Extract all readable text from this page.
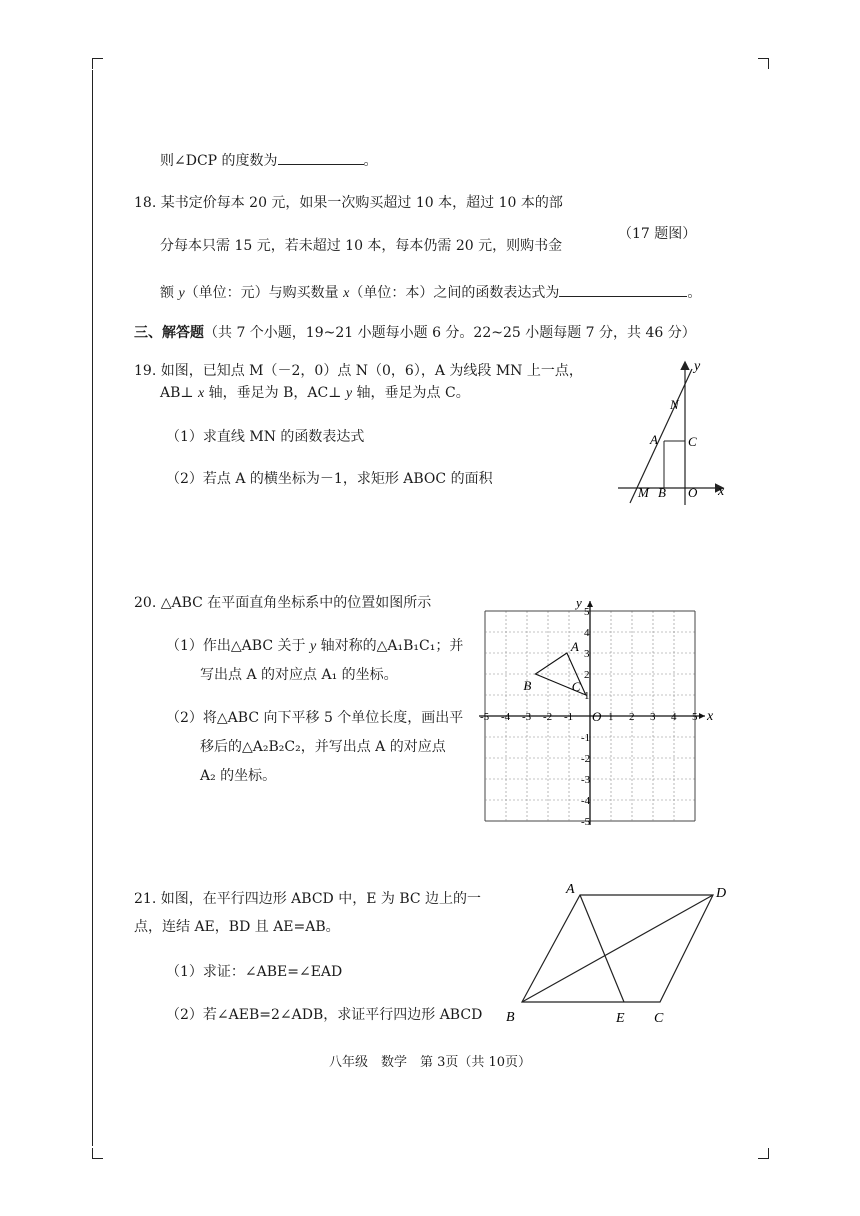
则∠DCP 的度数为	。
18. 某书定价每本 20 元，如果一次购买超过 10 本，超过 10 本的部
（17 题图）
分每本只需 15 元，若未超过 10 本，每本仍需 20 元，则购书金
额 y（单位：元）与购买数量 x（单位：本）之间的函数表达式为	。
三、解答题（共 7 个小题，19~21 小题每小题 6 分。22~25 小题每题 7 分，共 46 分）
19. 如图，已知点 M（－2，0）点 N（0，6），A 为线段 MN 上一点，
AB⊥ x 轴，垂足为 B，AC⊥ y 轴，垂足为点 C。
（1）求直线 MN 的函数表达式
（2）若点 A 的横坐标为－1，求矩形 ABOC 的面积
y
x
N
A C
M B O
20. △ABC 在平面直角坐标系中的位置如图所示
（1）作出△ABC 关于 y 轴对称的△A₁B₁C₁；并
写出点 A 的对应点 A₁ 的坐标。
（2）将△ABC 向下平移 5 个单位长度，画出平
移后的△A₂B₂C₂，并写出点 A 的对应点
A₂ 的坐标。
-5 -4 -3 -2 -1	1 2 3 4 5
5
4
3
2
1
-1
-2
-3
-4
-5
x
y
O
A
B	C
21. 如图，在平行四边形 ABCD 中，E 为 BC 边上的一
点，连结 AE，BD 且 AE=AB。
（1）求证：∠ABE=∠EAD
（2）若∠AEB=2∠ADB，求证平行四边形 ABCD
A	D
B	E C
八年级　数学　第 3页（共 10页）
